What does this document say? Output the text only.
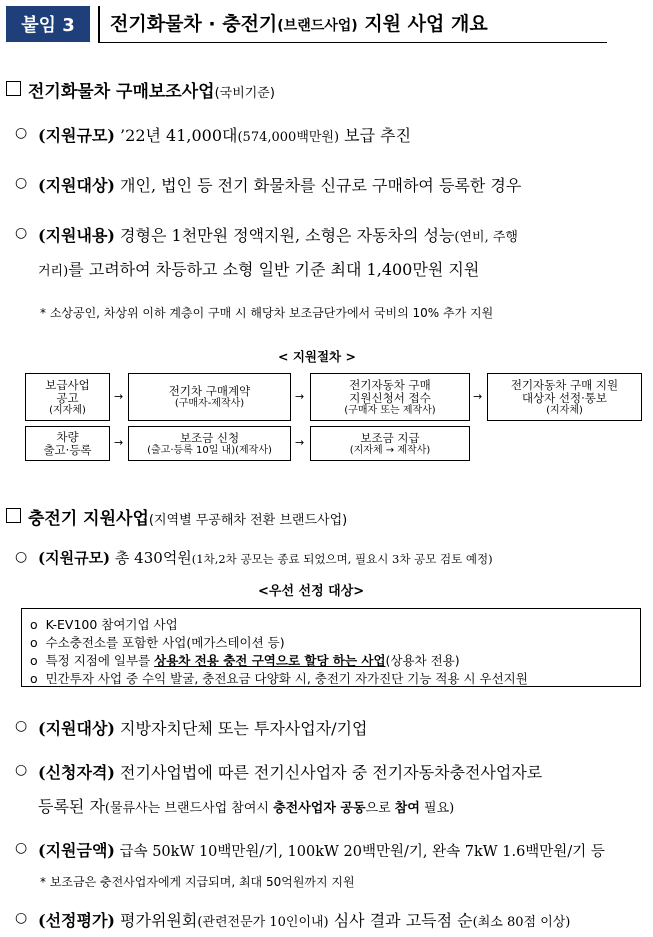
붙임 3 전기화물차 · 충전기(브랜드사업) 지원 사업 개요
전기화물차 구매보조사업(국비기준)
○ (지원규모) ’22년 41,000대(574,000백만원) 보급 추진
○ (지원대상) 개인, 법인 등 전기 화물차를 신규로 구매하여 등록한 경우
○ (지원내용) 경형은 1천만원 정액지원, 소형은 자동차의 성능(연비, 주행
거리)를 고려하여 차등하고 소형 일반 기준 최대 1,400만원 지원
* 소상공인, 차상위 이하 계층이 구매 시 해당차 보조금단가에서 국비의 10% 추가 지원
< 지원절차 >
보급사업
공고
(지자체)
→	전기차 구매계약
(구매자-제작사)
→
전기자동차 구매
지원신청서 접수
(구매자 또는 제작사)
→
전기자동차 구매 지원
대상자 선정·통보
(지자체)
차량
출고·등록 →	보조금 신청
(출고·등록 10일 내)(제작사)
→	보조금 지급
(지자체 → 제작사)
충전기 지원사업(지역별 무공해차 전환 브랜드사업)
○ (지원규모) 총 430억원(1차,2차 공모는 종료 되었으며, 필요시 3차 공모 검토 예정)
<우선 선정 대상>
o K-EV100 참여기업 사업
o 수소충전소를 포함한 사업(메가스테이션 등)
o 특정 지점에 일부를 상용차 전용 충전 구역으로 할당 하는 사업(상용차 전용)
o 민간투자 사업 중 수익 발굴, 충전요금 다양화 시, 충전기 자가진단 기능 적용 시 우선지원
○ (지원대상) 지방자치단체 또는 투자사업자/기업
○ (신청자격) 전기사업법에 따른 전기신사업자 중 전기자동차충전사업자로
등록된 자(물류사는 브랜드사업 참여시 충전사업자 공동으로 참여 필요)
○ (지원금액) 급속 50kW 10백만원/기, 100kW 20백만원/기, 완속 7kW 1.6백만원/기 등
* 보조금은 충전사업자에게 지급되며, 최대 50억원까지 지원
○ (선정평가) 평가위원회(관련전문가 10인이내) 심사 결과 고득점 순(최소 80점 이상)
